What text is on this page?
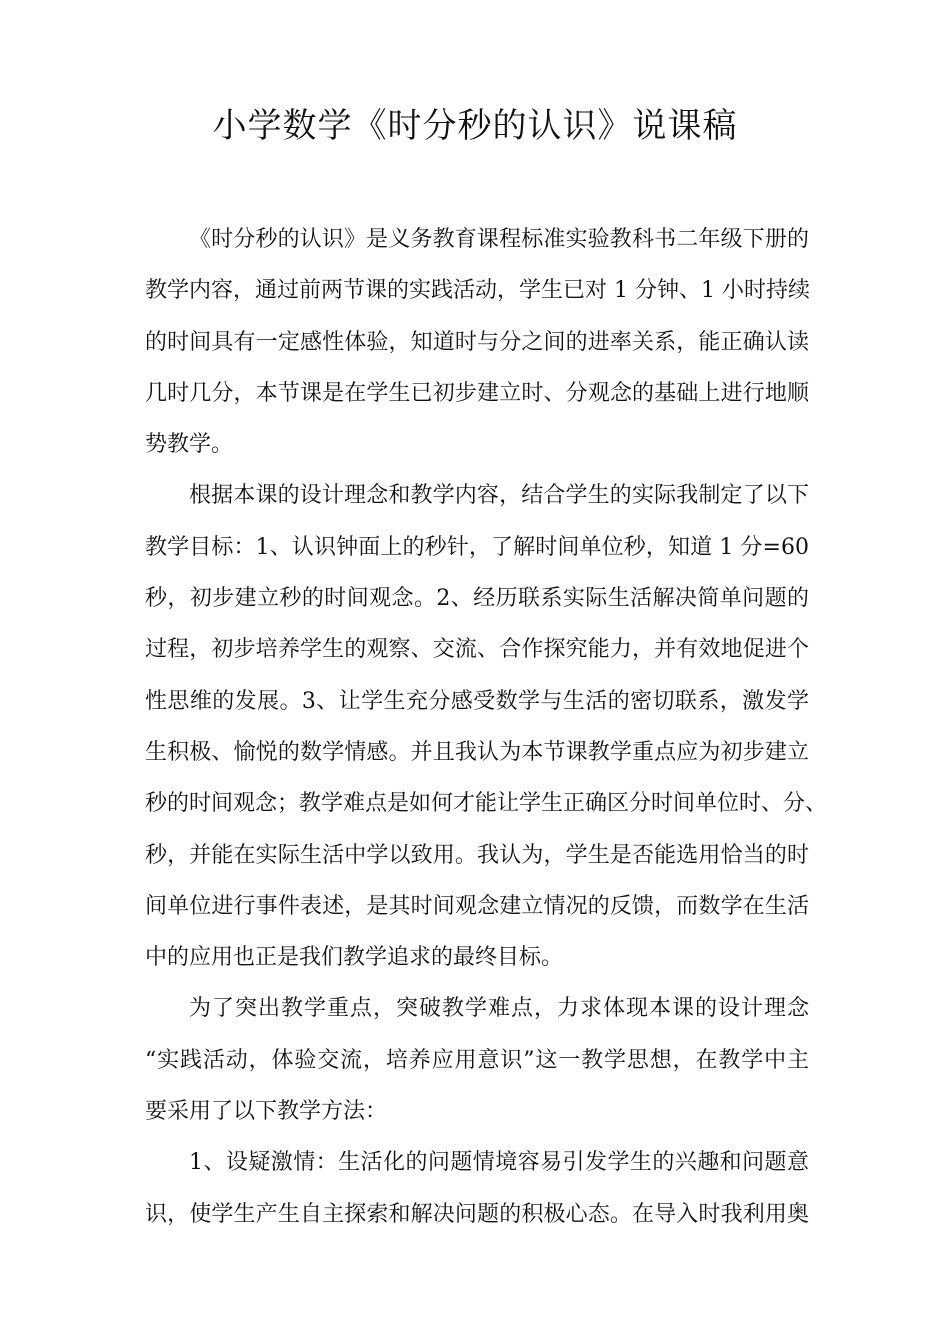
小学数学《时分秒的认识》说课稿
《时分秒的认识》是义务教育课程标准实验教科书二年级下册的
教学内容，通过前两节课的实践活动，学生已对 1 分钟、1 小时持续
的时间具有一定感性体验，知道时与分之间的进率关系，能正确认读
几时几分，本节课是在学生已初步建立时、分观念的基础上进行地顺
势教学。
根据本课的设计理念和教学内容，结合学生的实际我制定了以下
教学目标：1、认识钟面上的秒针，了解时间单位秒，知道 1 分=60
秒，初步建立秒的时间观念。2、经历联系实际生活解决简单问题的
过程，初步培养学生的观察、交流、合作探究能力，并有效地促进个
性思维的发展。3、让学生充分感受数学与生活的密切联系，激发学
生积极、愉悦的数学情感。并且我认为本节课教学重点应为初步建立
秒的时间观念；教学难点是如何才能让学生正确区分时间单位时、分、
秒，并能在实际生活中学以致用。我认为，学生是否能选用恰当的时
间单位进行事件表述，是其时间观念建立情况的反馈，而数学在生活
中的应用也正是我们教学追求的最终目标。
为了突出教学重点，突破教学难点，力求体现本课的设计理念
“实践活动，体验交流，培养应用意识”这一教学思想，在教学中主
要采用了以下教学方法：
1、设疑激情：生活化的问题情境容易引发学生的兴趣和问题意
识，使学生产生自主探索和解决问题的积极心态。在导入时我利用奥
